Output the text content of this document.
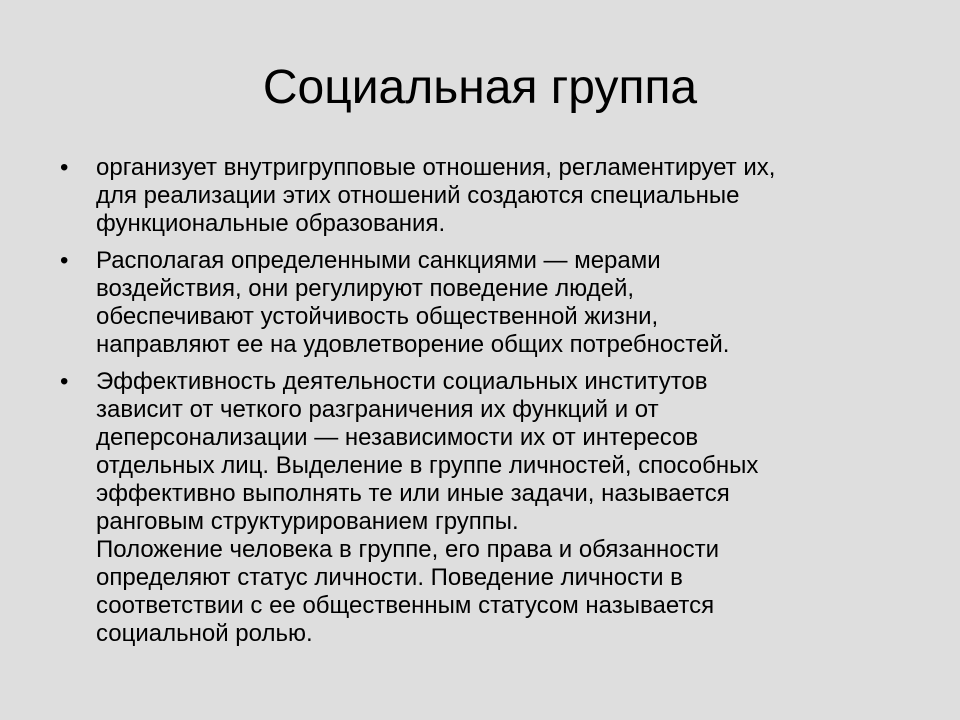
Социальная группа
•	организует внутригрупповые отношения, регламентирует их,
для реализации этих отношений создаются специальные
функциональные образования.
•	Располагая определенными санкциями — мерами
воздействия, они регулируют поведение людей,
обеспечивают устойчивость общественной жизни,
направляют ее на удовлетворение общих потребностей.
•	Эффективность деятельности социальных институтов
зависит от четкого разграничения их функций и от
деперсонализации — независимости их от интересов
отдельных лиц. Выделение в группе личностей, способных
эффективно выполнять те или иные задачи, называется
ранговым структурированием группы.
Положение человека в группе, его права и обязанности
определяют статус личности. Поведение личности в
соответствии с ее общественным статусом называется
социальной ролью.
